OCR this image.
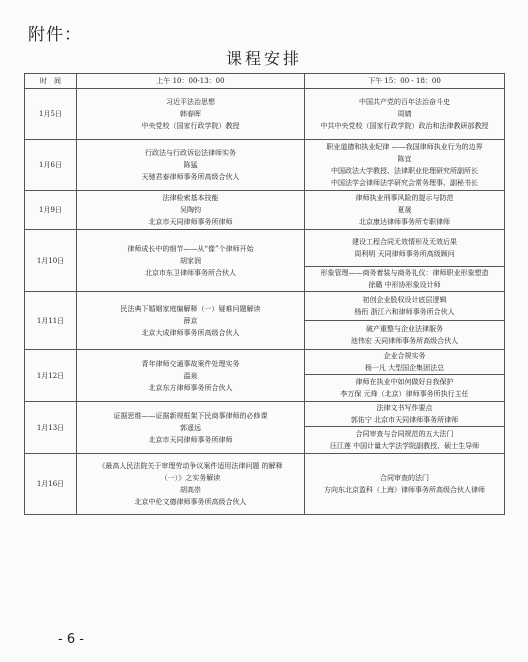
附件：
课程安排
时　间	上午 10：00-13：00	下午 15：00 - 18：00
1月5日	习近平法治思想
韩春晖
中央党校（国家行政学院）教授	中国共产党的百年法治奋斗史
周婧
中共中央党校（国家行政学院）政治和法律教研部教授

1月6日	行政法与行政诉讼法律师实务
陈猛
天驰君泰律师事务所高级合伙人	职业道德和执业纪律 ——我国律师执业行为的边界
陈宜
中国政法大学教授、法律职业伦理研究所副所长
中国法学会律师法学研究会常务理事、副秘书长

1月9日	法律检索基本技能
吴陶钧
北京市天同律师事务所律师	律师执业刑事风险的提示与防范
夏晟
北京康达律师事务所专职律师

1月10日	律师成长中的细节——从“像”个律师开始
胡家润
北京市东卫律师事务所合伙人	建设工程合同无效情形及无效后果
周利明 天同律师事务所高级顾问

		形象管理——商务着装与商务礼仪：律师职业形象塑造
徐璐 中形协形象设计师

1月11日	民法典下婚姻家庭编解释（一）疑难问题解读
薛京
北京大成律师事务所高级合伙人	初创企业股权设计底层逻辑
杨衎 浙江六和律师事务所合伙人

		破产重整与企业法律服务
池伟宏 天同律师事务所高级合伙人

1月12日	青年律师交通事故案件处理实务
温泉
北京东方律师事务所合伙人	企业合规实务
杨一凡 大型国企集团法总

		律师在执业中如何做好自我保护
李万保 元烽（北京）律师事务所执行主任

1月13日	证据思维——证据新规框架下民商事律师的必修课
郭遥远
北京市天同律师事务所律师	法律文书写作要点
郭佑宁 北京市天同律师事务所律师

		合同审查与合同规范的五大法门
汪江莲 中国计量大学法学院副教授、硕士生导师

1月16日	《最高人民法院关于审理劳动争议案件适用法律问题 的解释
（一）》之实务解读
胡高崇
北京中伦文德律师事务所高级合伙人	合同审查的法门
方向东北京盈科（上海）律师事务所高级合伙人律师
- 6 -
